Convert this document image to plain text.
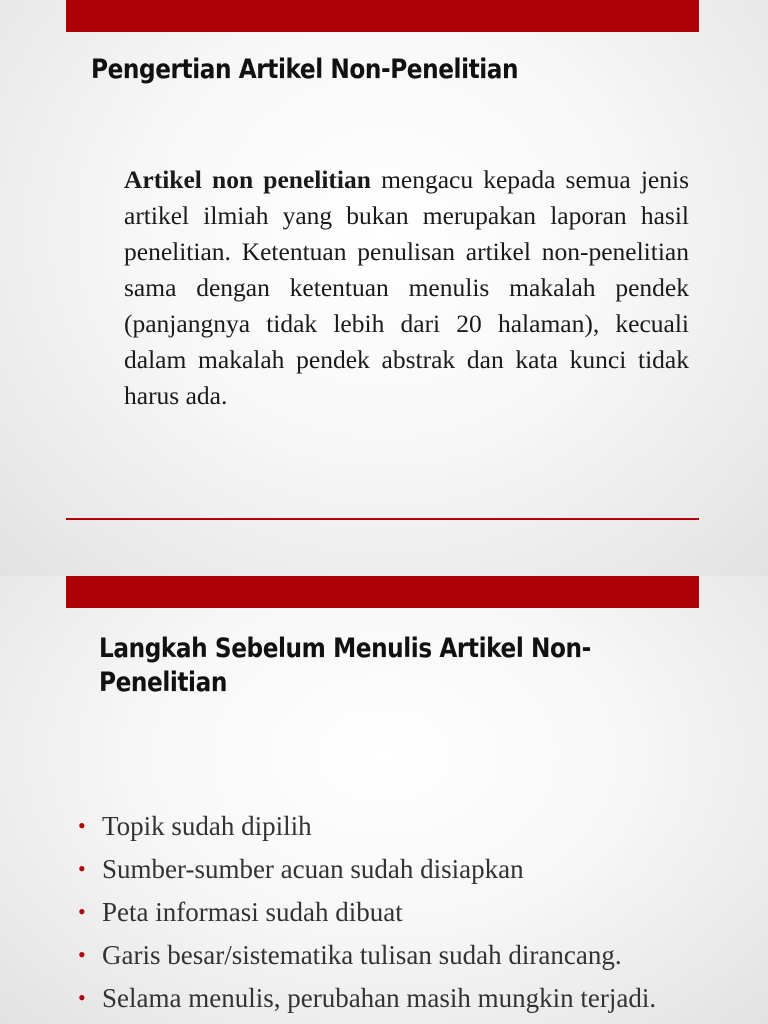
Pengertian Artikel Non-Penelitian
Artikel non penelitian mengacu kepada semua jenis artikel ilmiah yang bukan merupakan laporan hasil penelitian. Ketentuan penulisan artikel non-penelitian sama dengan ketentuan menulis makalah pendek (panjangnya tidak lebih dari 20 halaman), kecuali dalam makalah pendek abstrak dan kata kunci tidak harus ada.
Langkah Sebelum Menulis Artikel Non-
Penelitian
• Topik sudah dipilih
• Sumber-sumber acuan sudah disiapkan
• Peta informasi sudah dibuat
• Garis besar/sistematika tulisan sudah dirancang.
• Selama menulis, perubahan masih mungkin terjadi.
